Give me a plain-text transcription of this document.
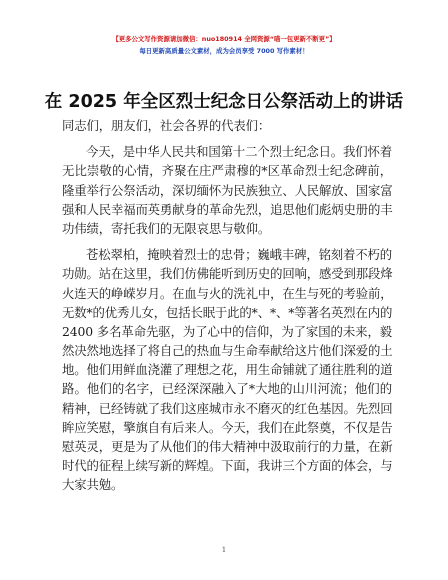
【更多公文写作资源请加微信：nuo180914 全网资源“喵一包更新不断更”】
每日更新高质量公文素材，成为会员享受 7000 写作素材！
在 2025 年全区烈士纪念日公祭活动上的讲话
同志们，朋友们，社会各界的代表们：
今天，是中华人民共和国第十二个烈士纪念日。我们怀着
无比崇敬的心情，齐聚在庄严肃穆的*区革命烈士纪念碑前，
隆重举行公祭活动，深切缅怀为民族独立、人民解放、国家富
强和人民幸福而英勇献身的革命先烈，追思他们彪炳史册的丰
功伟绩，寄托我们的无限哀思与敬仰。
苍松翠柏，掩映着烈士的忠骨；巍峨丰碑，铭刻着不朽的
功勋。站在这里，我们仿佛能听到历史的回响，感受到那段烽
火连天的峥嵘岁月。在血与火的洗礼中，在生与死的考验前，
无数*的优秀儿女，包括长眠于此的*、*、*等著名英烈在内的
2400 多名革命先驱，为了心中的信仰，为了家国的未来，毅
然决然地选择了将自己的热血与生命奉献给这片他们深爱的土
地。他们用鲜血浇灌了理想之花，用生命铺就了通往胜利的道
路。他们的名字，已经深深融入了*大地的山川河流；他们的
精神，已经铸就了我们这座城市永不磨灭的红色基因。先烈回
眸应笑慰，擎旗自有后来人。今天，我们在此祭奠，不仅是告
慰英灵，更是为了从他们的伟大精神中汲取前行的力量，在新
时代的征程上续写新的辉煌。下面，我讲三个方面的体会，与
大家共勉。
1
